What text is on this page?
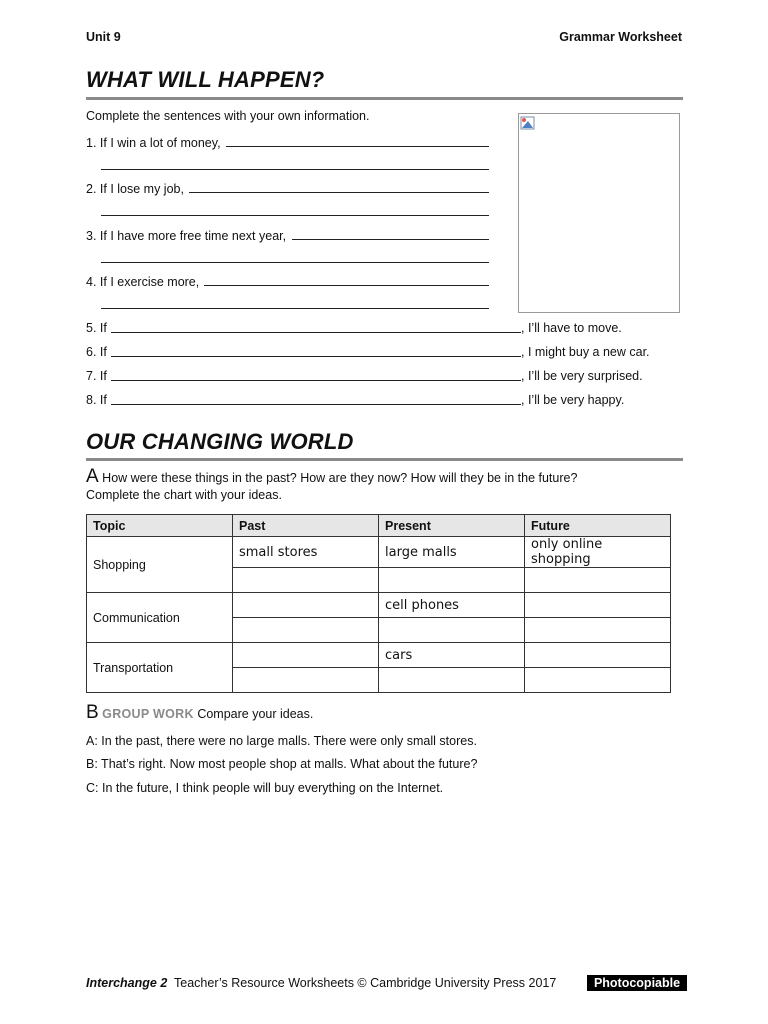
Unit 9	Grammar Worksheet
WHAT WILL HAPPEN?
Complete the sentences with your own information.
1. If I win a lot of money,
2. If I lose my job,
3. If I have more free time next year,
4. If I exercise more,
5. If	, I’ll have to move.
6. If	, I might buy a new car.
7. If	, I’ll be very surprised.
8. If	, I’ll be very happy.
OUR CHANGING WORLD
A How were these things in the past? How are they now? How will they be in the future?
Complete the chart with your ideas.
Topic	Past	Present	Future
Shopping	small stores	large malls	only online shopping

Communication		cell phones	

Transportation		cars	

B GROUP WORK Compare your ideas.
A: In the past, there were no large malls. There were only small stores.
B: That’s right. Now most people shop at malls. What about the future?
C: In the future, I think people will buy everything on the Internet.
Interchange 2 Teacher’s Resource Worksheets © Cambridge University Press 2017	Photocopiable
